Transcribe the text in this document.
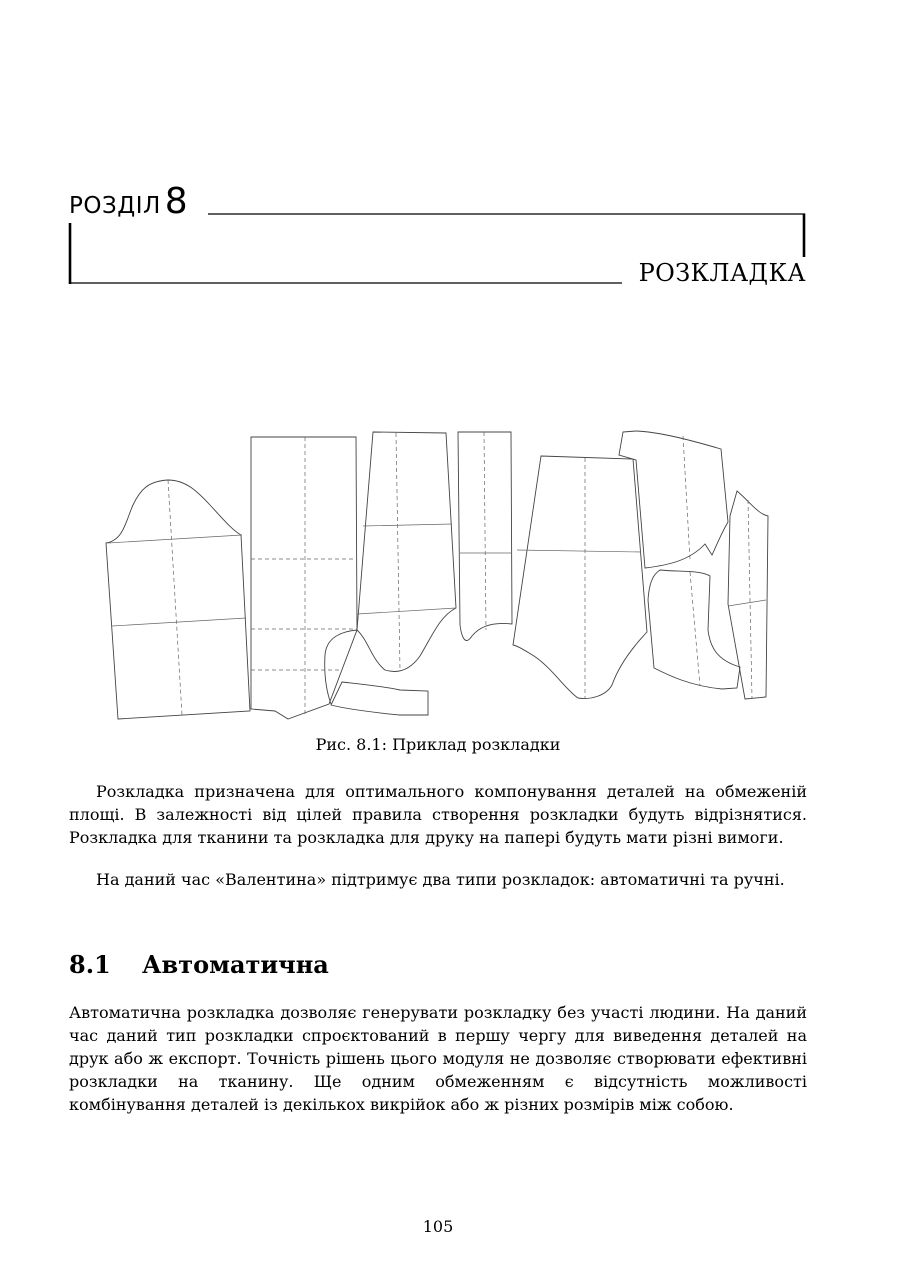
РОЗДІЛ 8
РОЗКЛАДКА
Рис. 8.1: Приклад розкладки
Розкладка призначена для оптимального компонування деталей на обмеженій площі. В залежності від цілей правила створення розкладки будуть відрізнятися. Розкладка для тканини та розкладка для друку на папері будуть мати різні вимоги.
На даний час «Валентина» підтримує два типи розкладок: автоматичні та ручні.
8.1 Автоматична
Автоматична розкладка дозволяє генерувати розкладку без участі людини. На даний час даний тип розкладки спроєктований в першу чергу для виведення деталей на друк або ж експорт. Точність рішень цього модуля не дозволяє створювати ефективні розкладки на тканину. Ще одним обмеженням є відсутність можливості комбінування деталей із декількох викрійок або ж різних розмірів між собою.
105
